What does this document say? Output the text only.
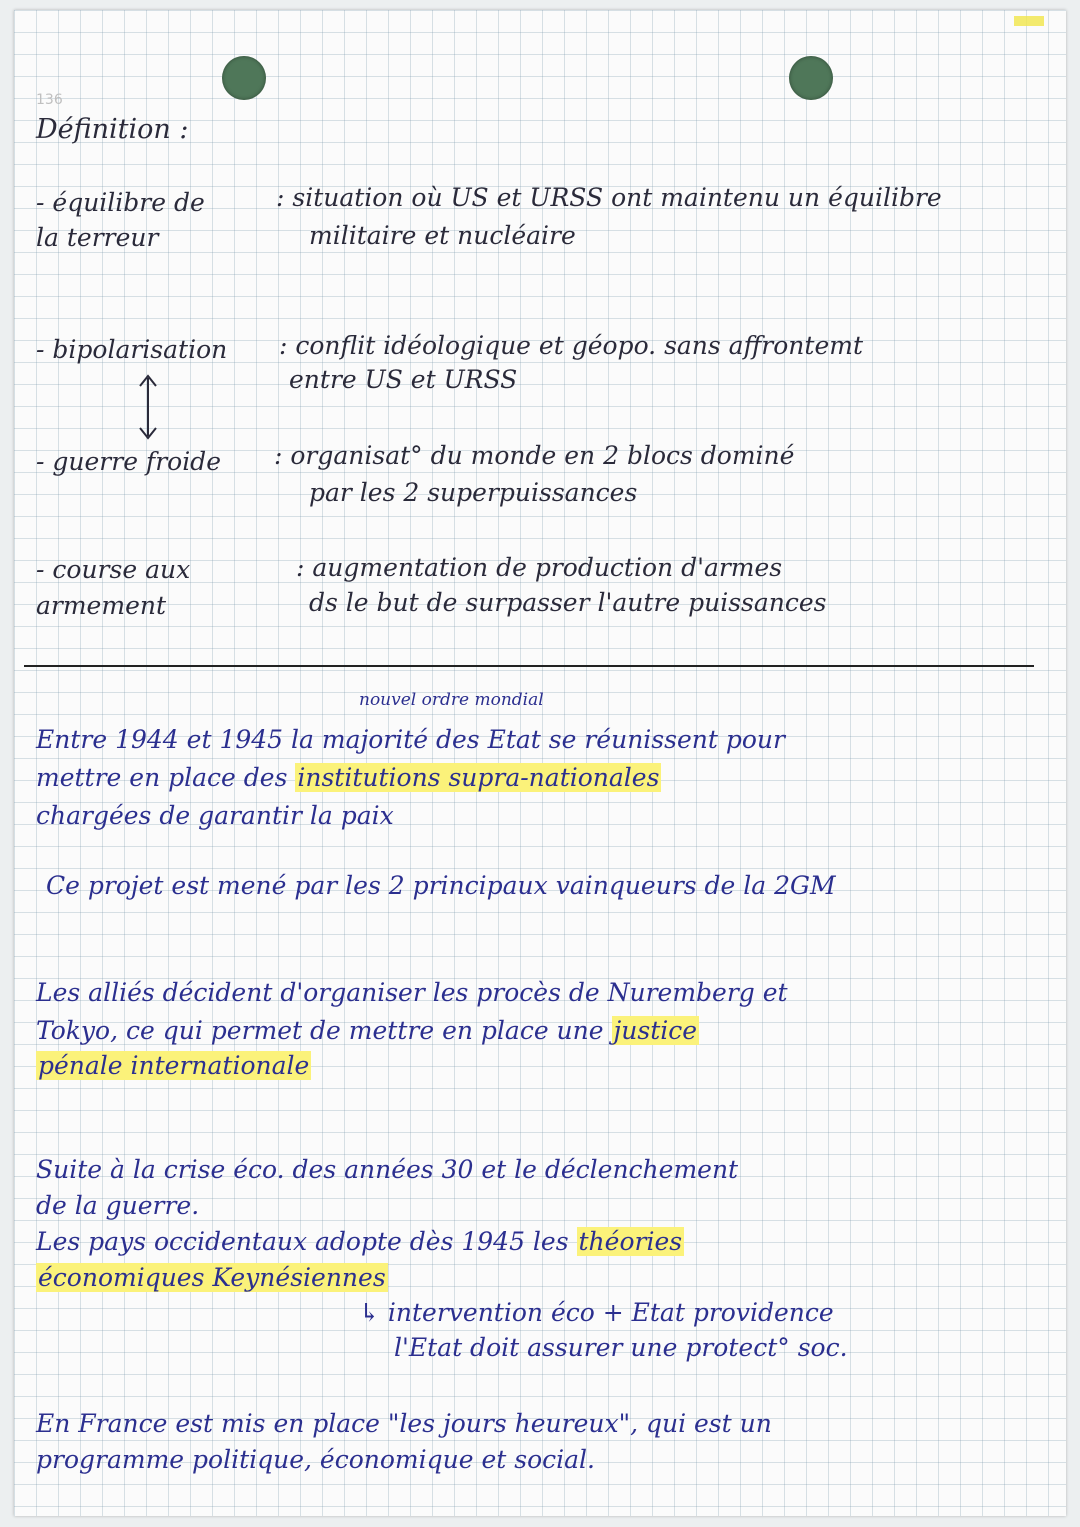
136
Définition :
- équilibre de
la terreur
: situation où US et URSS ont maintenu un équilibre
militaire et nucléaire
- bipolarisation : conflit idéologique et géopo. sans affrontemt
entre US et URSS
- guerre froide : organisat° du monde en 2 blocs dominé
par les 2 superpuissances
- course aux
armement
: augmentation de production d'armes
ds le but de surpasser l'autre puissances
nouvel ordre mondial
Entre 1944 et 1945 la majorité des Etat se réunissent pour
mettre en place des institutions supra-nationales
chargées de garantir la paix
Ce projet est mené par les 2 principaux vainqueurs de la 2GM
Les alliés décident d'organiser les procès de Nuremberg et
Tokyo, ce qui permet de mettre en place une justice
pénale internationale
Suite à la crise éco. des années 30 et le déclenchement
de la guerre.
Les pays occidentaux adopte dès 1945 les théories
économiques Keynésiennes
↳ intervention éco + Etat providence
l'Etat doit assurer une protect° soc.
En France est mis en place "les jours heureux", qui est un
programme politique, économique et social.
